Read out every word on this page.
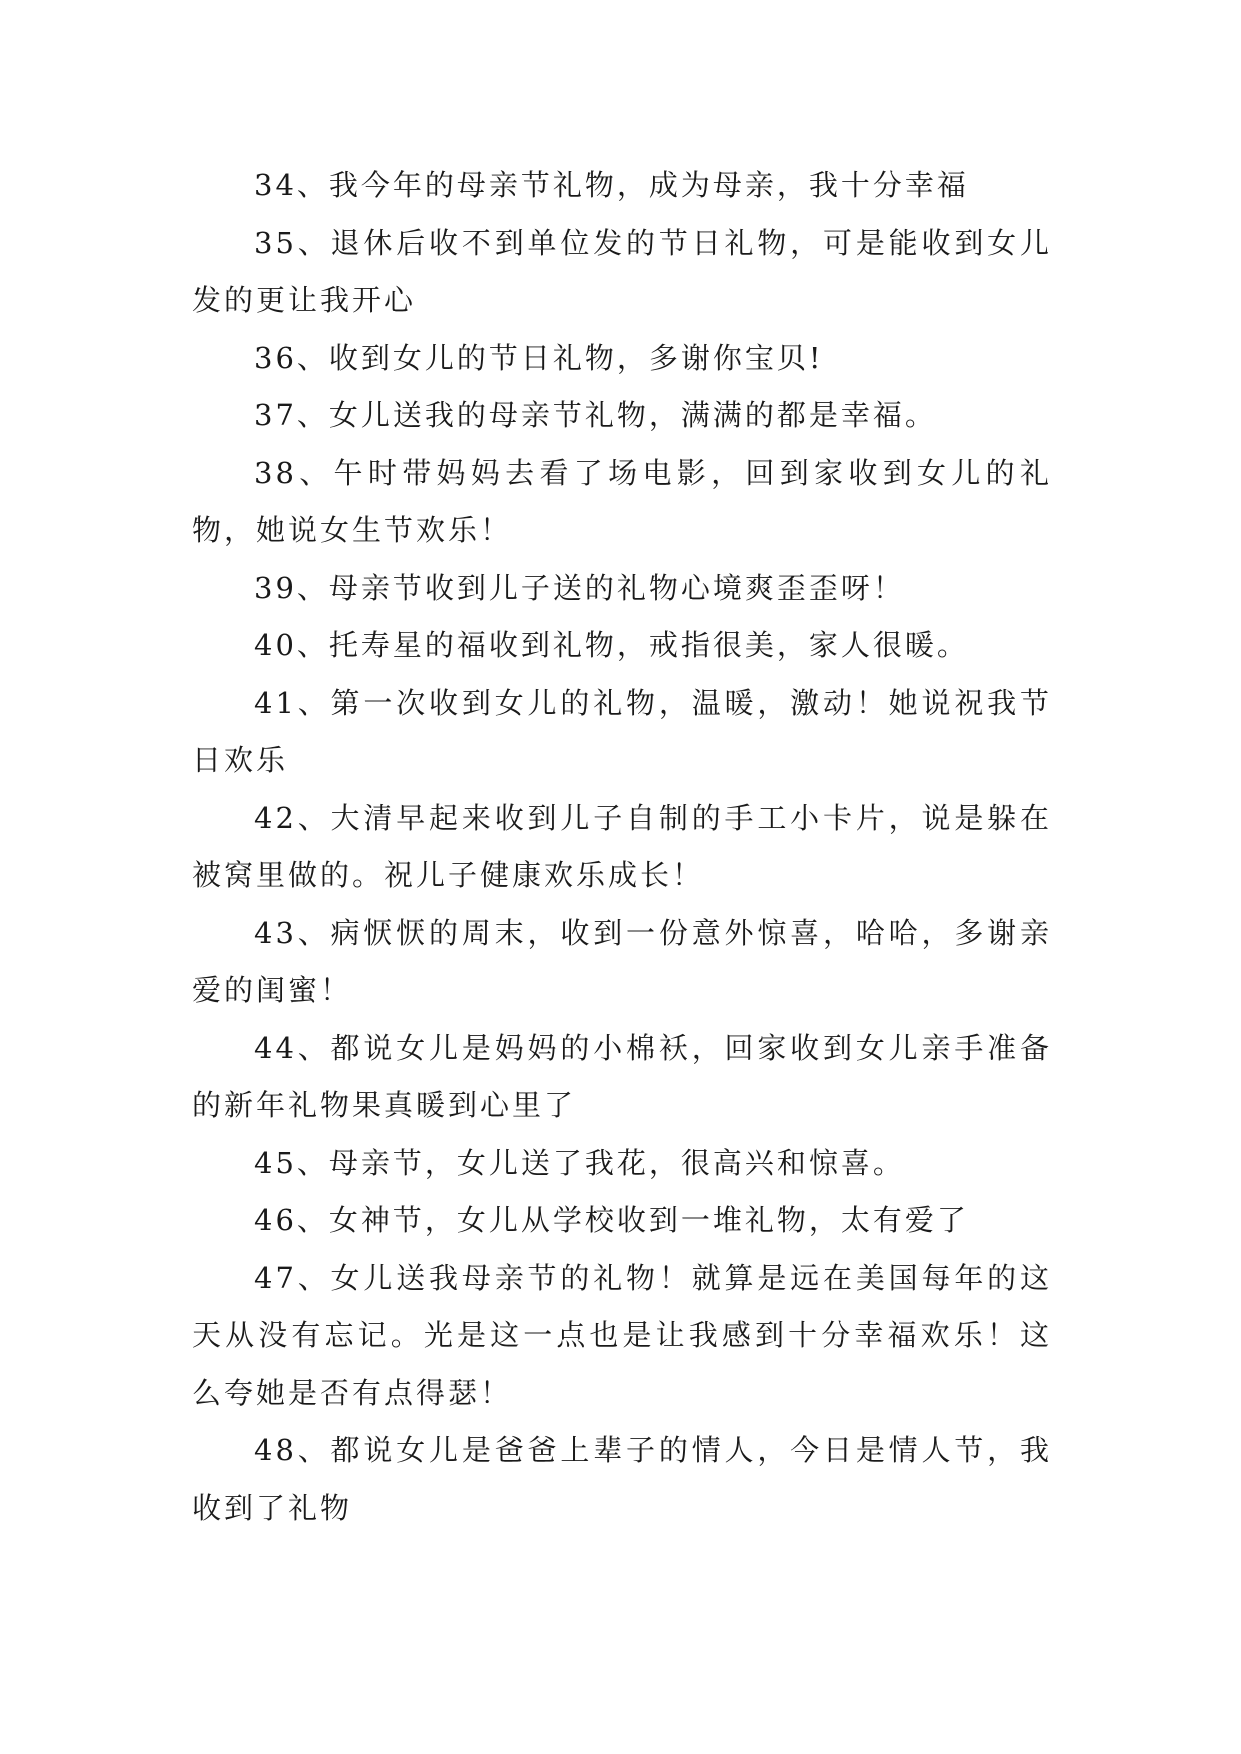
34、我今年的母亲节礼物，成为母亲，我十分幸福

35、退休后收不到单位发的节日礼物，可是能收到女儿发的更让我开心

36、收到女儿的节日礼物，多谢你宝贝!

37、女儿送我的母亲节礼物，满满的都是幸福。

38、午时带妈妈去看了场电影，回到家收到女儿的礼物，她说女生节欢乐！

39、母亲节收到儿子送的礼物心境爽歪歪呀！

40、托寿星的福收到礼物，戒指很美，家人很暖。

41、第一次收到女儿的礼物，温暖，激动！她说祝我节日欢乐

42、大清早起来收到儿子自制的手工小卡片，说是躲在被窝里做的。祝儿子健康欢乐成长！

43、病恹恹的周末，收到一份意外惊喜，哈哈，多谢亲爱的闺蜜！

44、都说女儿是妈妈的小棉袄，回家收到女儿亲手准备的新年礼物果真暖到心里了

45、母亲节，女儿送了我花，很高兴和惊喜。

46、女神节，女儿从学校收到一堆礼物，太有爱了

47、女儿送我母亲节的礼物！就算是远在美国每年的这天从没有忘记。光是这一点也是让我感到十分幸福欢乐！这么夸她是否有点得瑟！

48、都说女儿是爸爸上辈子的情人，今日是情人节，我收到了礼物
